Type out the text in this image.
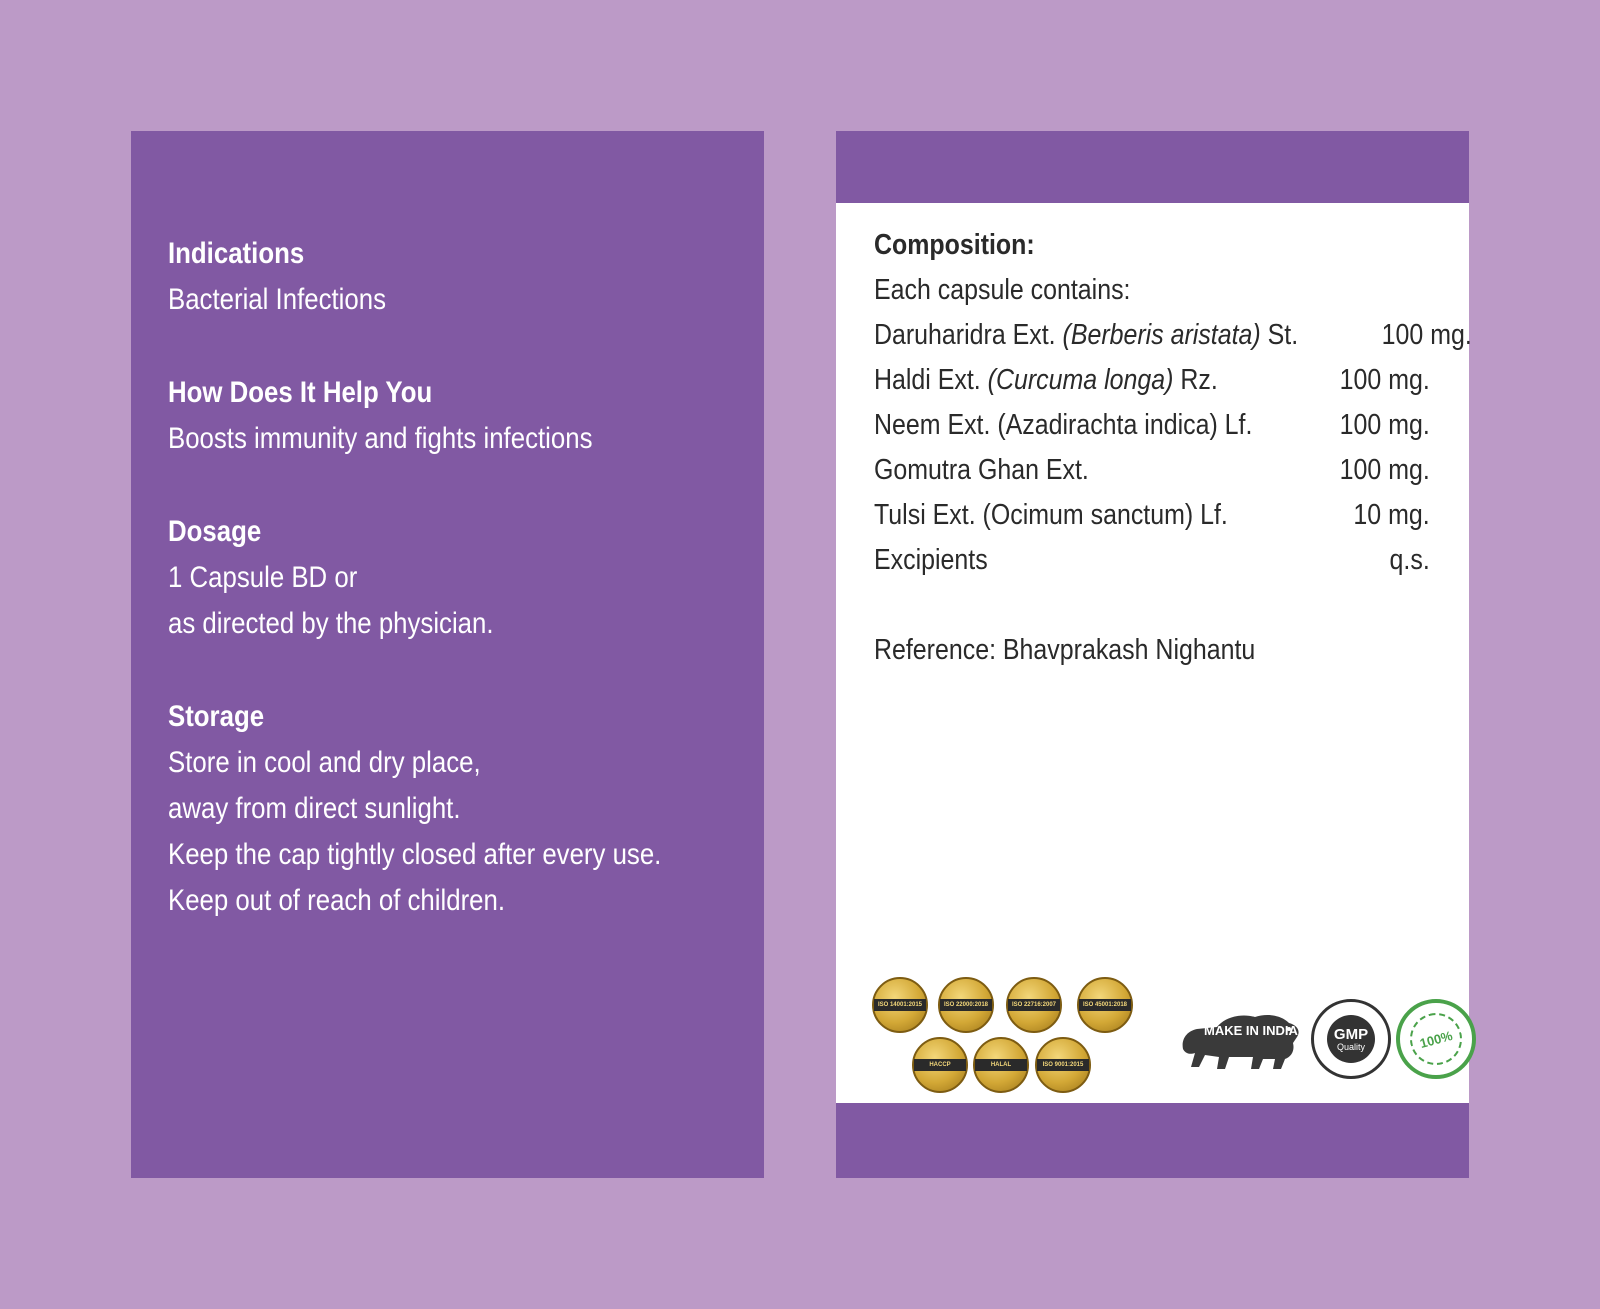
Indications
Bacterial Infections
How Does It Help You
Boosts immunity and fights infections
Dosage
1 Capsule BD or
as directed by the physician.
Storage
Store in cool and dry place,
away from direct sunlight.
Keep the cap tightly closed after every use.
Keep out of reach of children.
Composition:
Each capsule contains:
Daruharidra Ext. (Berberis aristata) St.	100 mg.
Haldi Ext. (Curcuma longa) Rz.	100 mg.
Neem Ext. (Azadirachta indica) Lf.	100 mg.
Gomutra Ghan Ext.	100 mg.
Tulsi Ext. (Ocimum sanctum) Lf.	10 mg.
Excipients	q.s.
Reference: Bhavprakash Nighantu
ISO 14001:2015	ISO 22000:2018	ISO 22716:2007	ISO 45001:2018
HACCP	HALAL	ISO 9001:2015
MAKE IN INDIA GMP
Quality	100%
